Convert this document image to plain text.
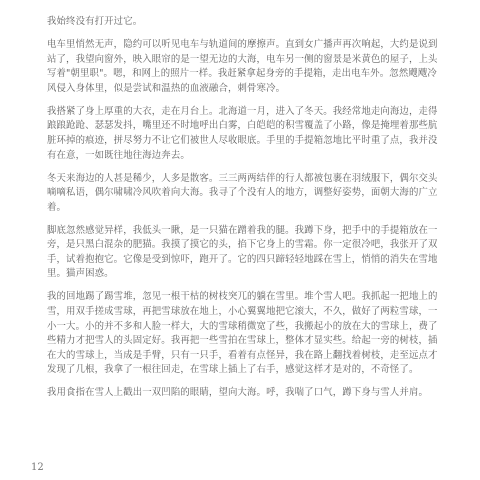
我始终没有打开过它。

电车里悄然无声，隐约可以听见电车与轨道间的摩擦声。直到女广播声再次响起，大约是说到站了，我望向窗外，映入眼帘的是一望无边的大海，电车另一侧的窗景是米黄色的屋子，上头写着"朝里职"。嗯，和网上的照片一样。我赶紧拿起身旁的手提箱，走出电车外。忽然飕飕冷风侵入身体里，似是尝试和温热的血液融合，刺骨寒冷。

我搭紧了身上厚重的大衣，走在月台上。北海道一月，进入了冬天。我经常地走向海边，走得踉踉跄跄、瑟瑟发抖，嘴里还不时地呼出白雾，白皑皑的积雪覆盖了小路，像是掩埋着那些肮脏环掉的痕迹，拼尽努力不让它们被世人尽收眼底。手里的手提箱忽地比平时重了点，我并没有在意，一如既往地往海边奔去。

冬天来海边的人甚是稀少，人多是散客。三三两两结伴的行人都被包裹在羽绒服下，偶尔交头嘀嘀私语，偶尔啸啸冷风吹着向大海。我寻了个没有人的地方，调整好姿势，面朝大海的广立着。

脚底忽然感觉异样，我低头一瞅，是一只猫在蹭着我的腿。我蹲下身，把手中的手提箱放在一旁，是只黑白混杂的肥猫。我摸了摸它的头，掐下它身上的雪霜。你一定很冷吧，我张开了双手，试着抱抱它。它像是受到惊吓，跑开了。它的四只蹄轻轻地踩在雪上，悄悄的消失在雪地里。猫声困惑。

我的回地踢了踢雪堆，忽见一根干枯的树枝突兀的躺在雪里。堆个雪人吧。我抓起一把地上的雪，用双手搓成雪球，再把雪球放在地上，小心翼翼地把它滚大，不久，做好了两粒雪球，一小一大。小的并不多和人脸一样大，大的雪球稍微宽了些，我搬起小的放在大的雪球上，费了些精力才把雪人的头固定好。我再把一些雪拍在雪球上，整体才显实些。给起一旁的树枝，插在大的雪球上，当成是手臂，只有一只手，看着有点怪异，我在路上翻找着树枝，走至远点才发现了几根，我拿了一根往回走，在雪球上插上了右手，感觉这样才是对的，不奇怪了。

我用食指在雪人上戳出一双凹陷的眼睛，望向大海。呼，我喘了口气，蹲下身与雪人并肩。

12
